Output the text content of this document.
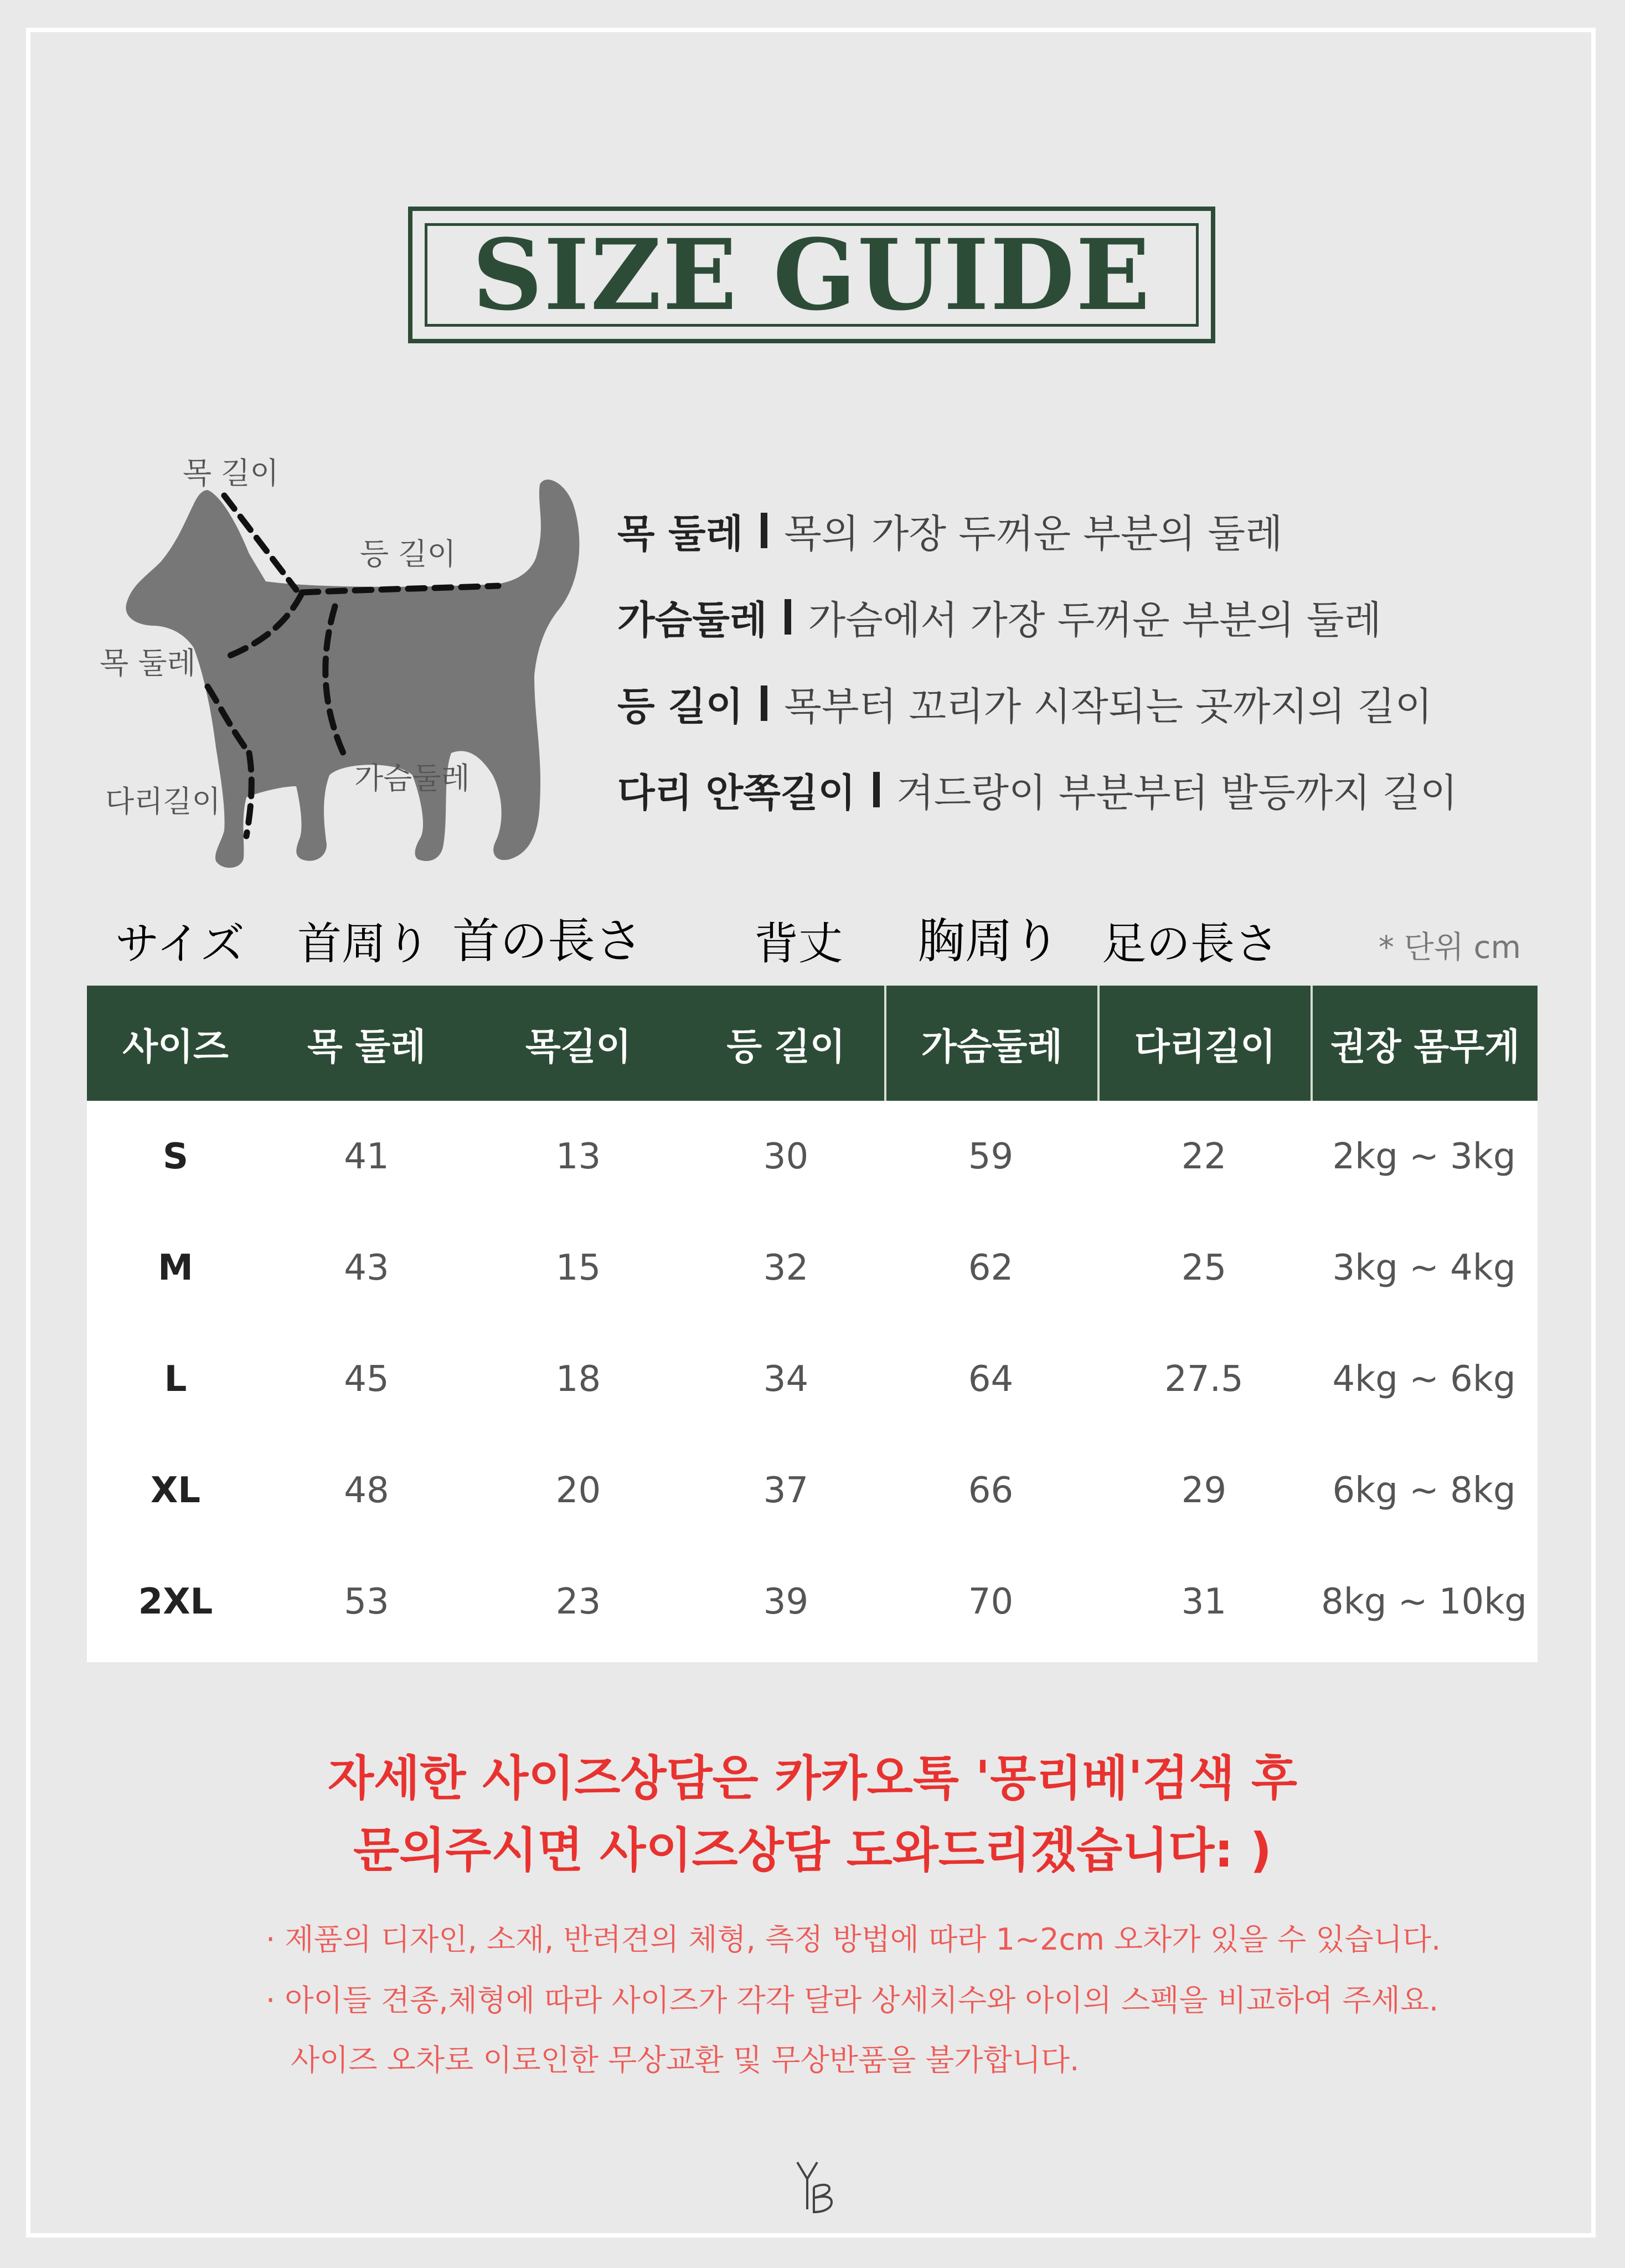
SIZE GUIDE
목 길이
등 길이
목 둘레
다리길이
가슴둘레
목 둘레 목의 가장 두꺼운 부분의 둘레
가슴둘레 가슴에서 가장 두꺼운 부분의 둘레
등 길이 목부터 꼬리가 시작되는 곳까지의 길이
다리 안쪽길이 겨드랑이 부분부터 발등까지 길이
サイズ 首周り 首の長さ	背丈 胸周り 足の長さ	* 단위 cm
사이즈	목 둘레	목길이	등 길이	가슴둘레	다리길이	권장 몸무게
S	41	13	30	59	22	2kg ~ 3kg
M	43	15	32	62	25	3kg ~ 4kg
L	45	18	34	64	27.5	4kg ~ 6kg
XL	48	20	37	66	29	6kg ~ 8kg
2XL	53	23	39	70	31	8kg ~ 10kg
자세한 사이즈상담은 카카오톡 '몽리베'검색 후
문의주시면 사이즈상담 도와드리겠습니다: )
· 제품의 디자인, 소재, 반려견의 체형, 측정 방법에 따라 1~2cm 오차가 있을 수 있습니다.
· 아이들 견종,체형에 따라 사이즈가 각각 달라 상세치수와 아이의 스펙을 비교하여 주세요.
사이즈 오차로 이로인한 무상교환 및 무상반품을 불가합니다.
